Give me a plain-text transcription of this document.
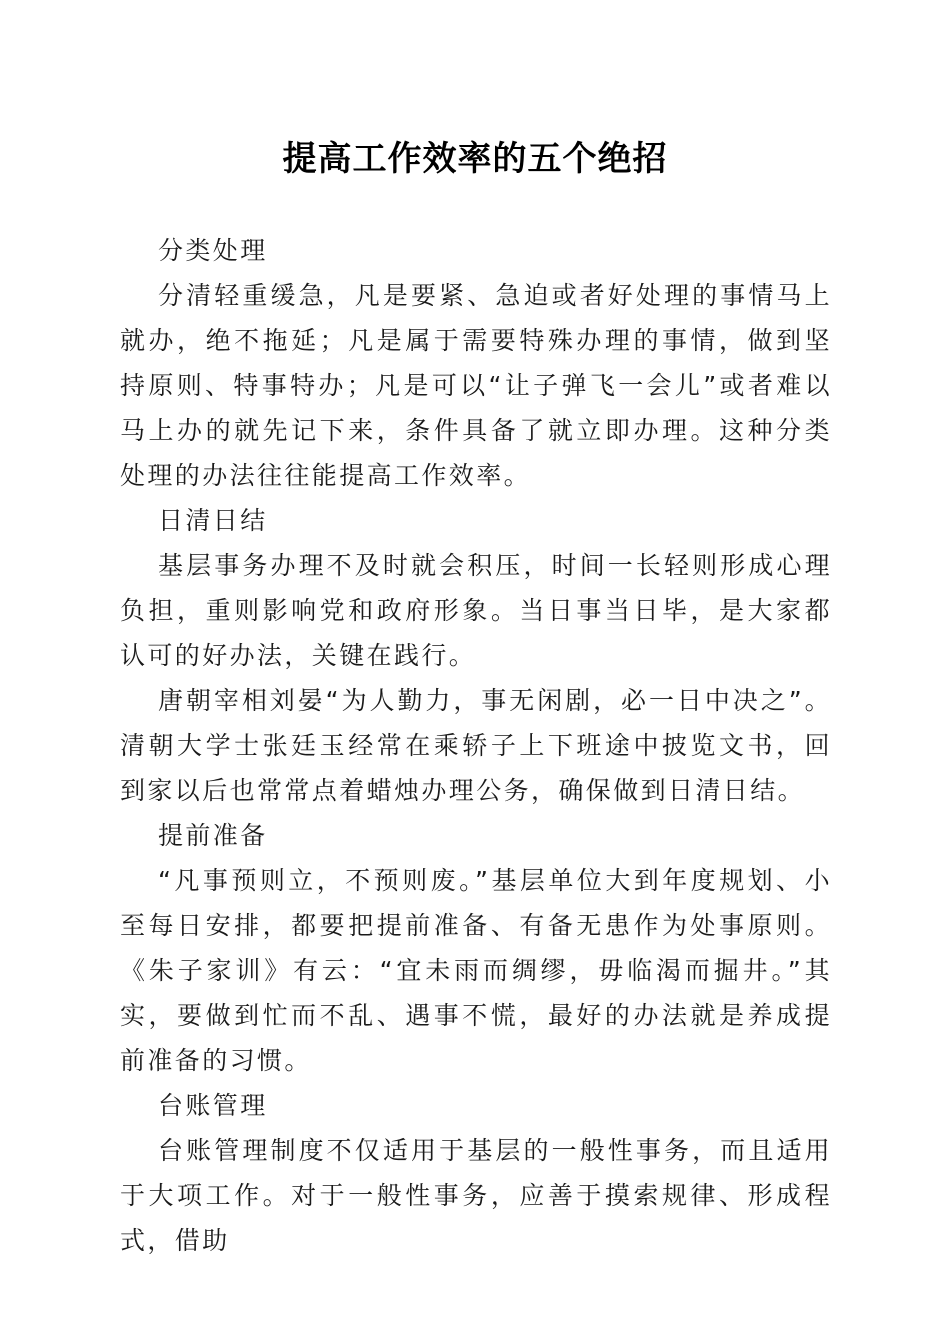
提高工作效率的五个绝招

分类处理

分清轻重缓急，凡是要紧、急迫或者好处理的事情马上就办，绝不拖延；凡是属于需要特殊办理的事情，做到坚持原则、特事特办；凡是可以“让子弹飞一会儿”或者难以马上办的就先记下来，条件具备了就立即办理。这种分类处理的办法往往能提高工作效率。

日清日结

基层事务办理不及时就会积压，时间一长轻则形成心理负担，重则影响党和政府形象。当日事当日毕，是大家都认可的好办法，关键在践行。

唐朝宰相刘晏“为人勤力，事无闲剧，必一日中决之”。清朝大学士张廷玉经常在乘轿子上下班途中披览文书，回到家以后也常常点着蜡烛办理公务，确保做到日清日结。

提前准备

“凡事预则立，不预则废。”基层单位大到年度规划、小至每日安排，都要把提前准备、有备无患作为处事原则。《朱子家训》有云：“宜未雨而绸缪，毋临渴而掘井。”其实，要做到忙而不乱、遇事不慌，最好的办法就是养成提前准备的习惯。

台账管理

台账管理制度不仅适用于基层的一般性事务，而且适用于大项工作。对于一般性事务，应善于摸索规律、形成程式，借助
